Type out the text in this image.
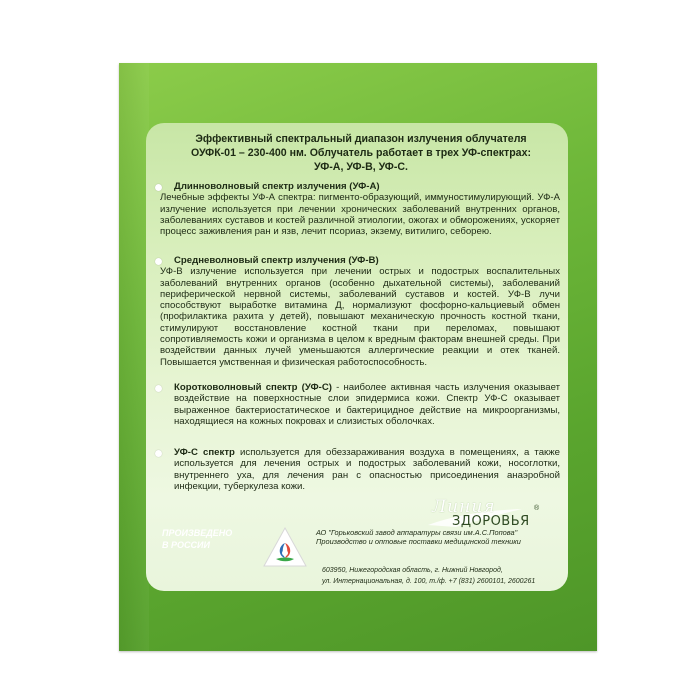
Эффективный спектральный диапазон излучения облучателя
ОУФК-01 – 230-400 нм. Облучатель работает в трех УФ-спектрах:
УФ-А, УФ-В, УФ-С.
Длинноволновый спектр излучения (УФ-А)
Лечебные эффекты УФ-А спектра: пигменто-образующий, иммуностимулирующий. УФ-А излучение используется при лечении хронических заболеваний внутренних органов, заболеваниях суставов и костей различной этиологии, ожогах и обморожениях, ускоряет процесс заживления ран и язв, лечит псориаз, экзему, витилиго, себорею.
Средневолновый спектр излучения (УФ-В)
УФ-В излучение используется при лечении острых и подострых воспалительных заболеваний внутренних органов (особенно дыхательной системы), заболеваний периферической нервной системы, заболеваний суставов и костей. УФ-В лучи способствуют выработке витамина Д, нормализуют фосфорно-кальциевый обмен (профилактика рахита у детей), повышают механическую прочность костной ткани, стимулируют восстановление костной ткани при переломах, повышают сопротивляемость кожи и организма в целом к вредным факторам внешней среды. При воздействии данных лучей уменьшаются аллергические реакции и отек тканей. Повышается умственная и физическая работоспособность.
Коротковолновый спектр (УФ-С) - наиболее активная часть излучения оказывает воздействие на поверхностные слои эпидермиса кожи. Спектр УФ-С оказывает выраженное бактериостатическое и бактерицидное действие на микроорганизмы, находящиеся на кожных покровах и слизистых оболочках.
УФ-С спектр используется для обеззараживания воздуха в помещениях, а также используется для лечения острых и подострых заболеваний кожи, носоглотки, внутреннего уха, для лечения ран с опасностью присоединения анаэробной инфекции, туберкулеза кожи.
Линия
ЗДОРОВЬЯ
®
ПРОИЗВЕДЕНО
В РОССИИ
АО "Горьковский завод аппаратуры связи им.А.С.Попова"
Производство и оптовые поставки медицинской техники
603950, Нижегородская область, г. Нижний Новгород,
ул. Интернациональная, д. 100, т./ф. +7 (831) 2600101, 2600261
